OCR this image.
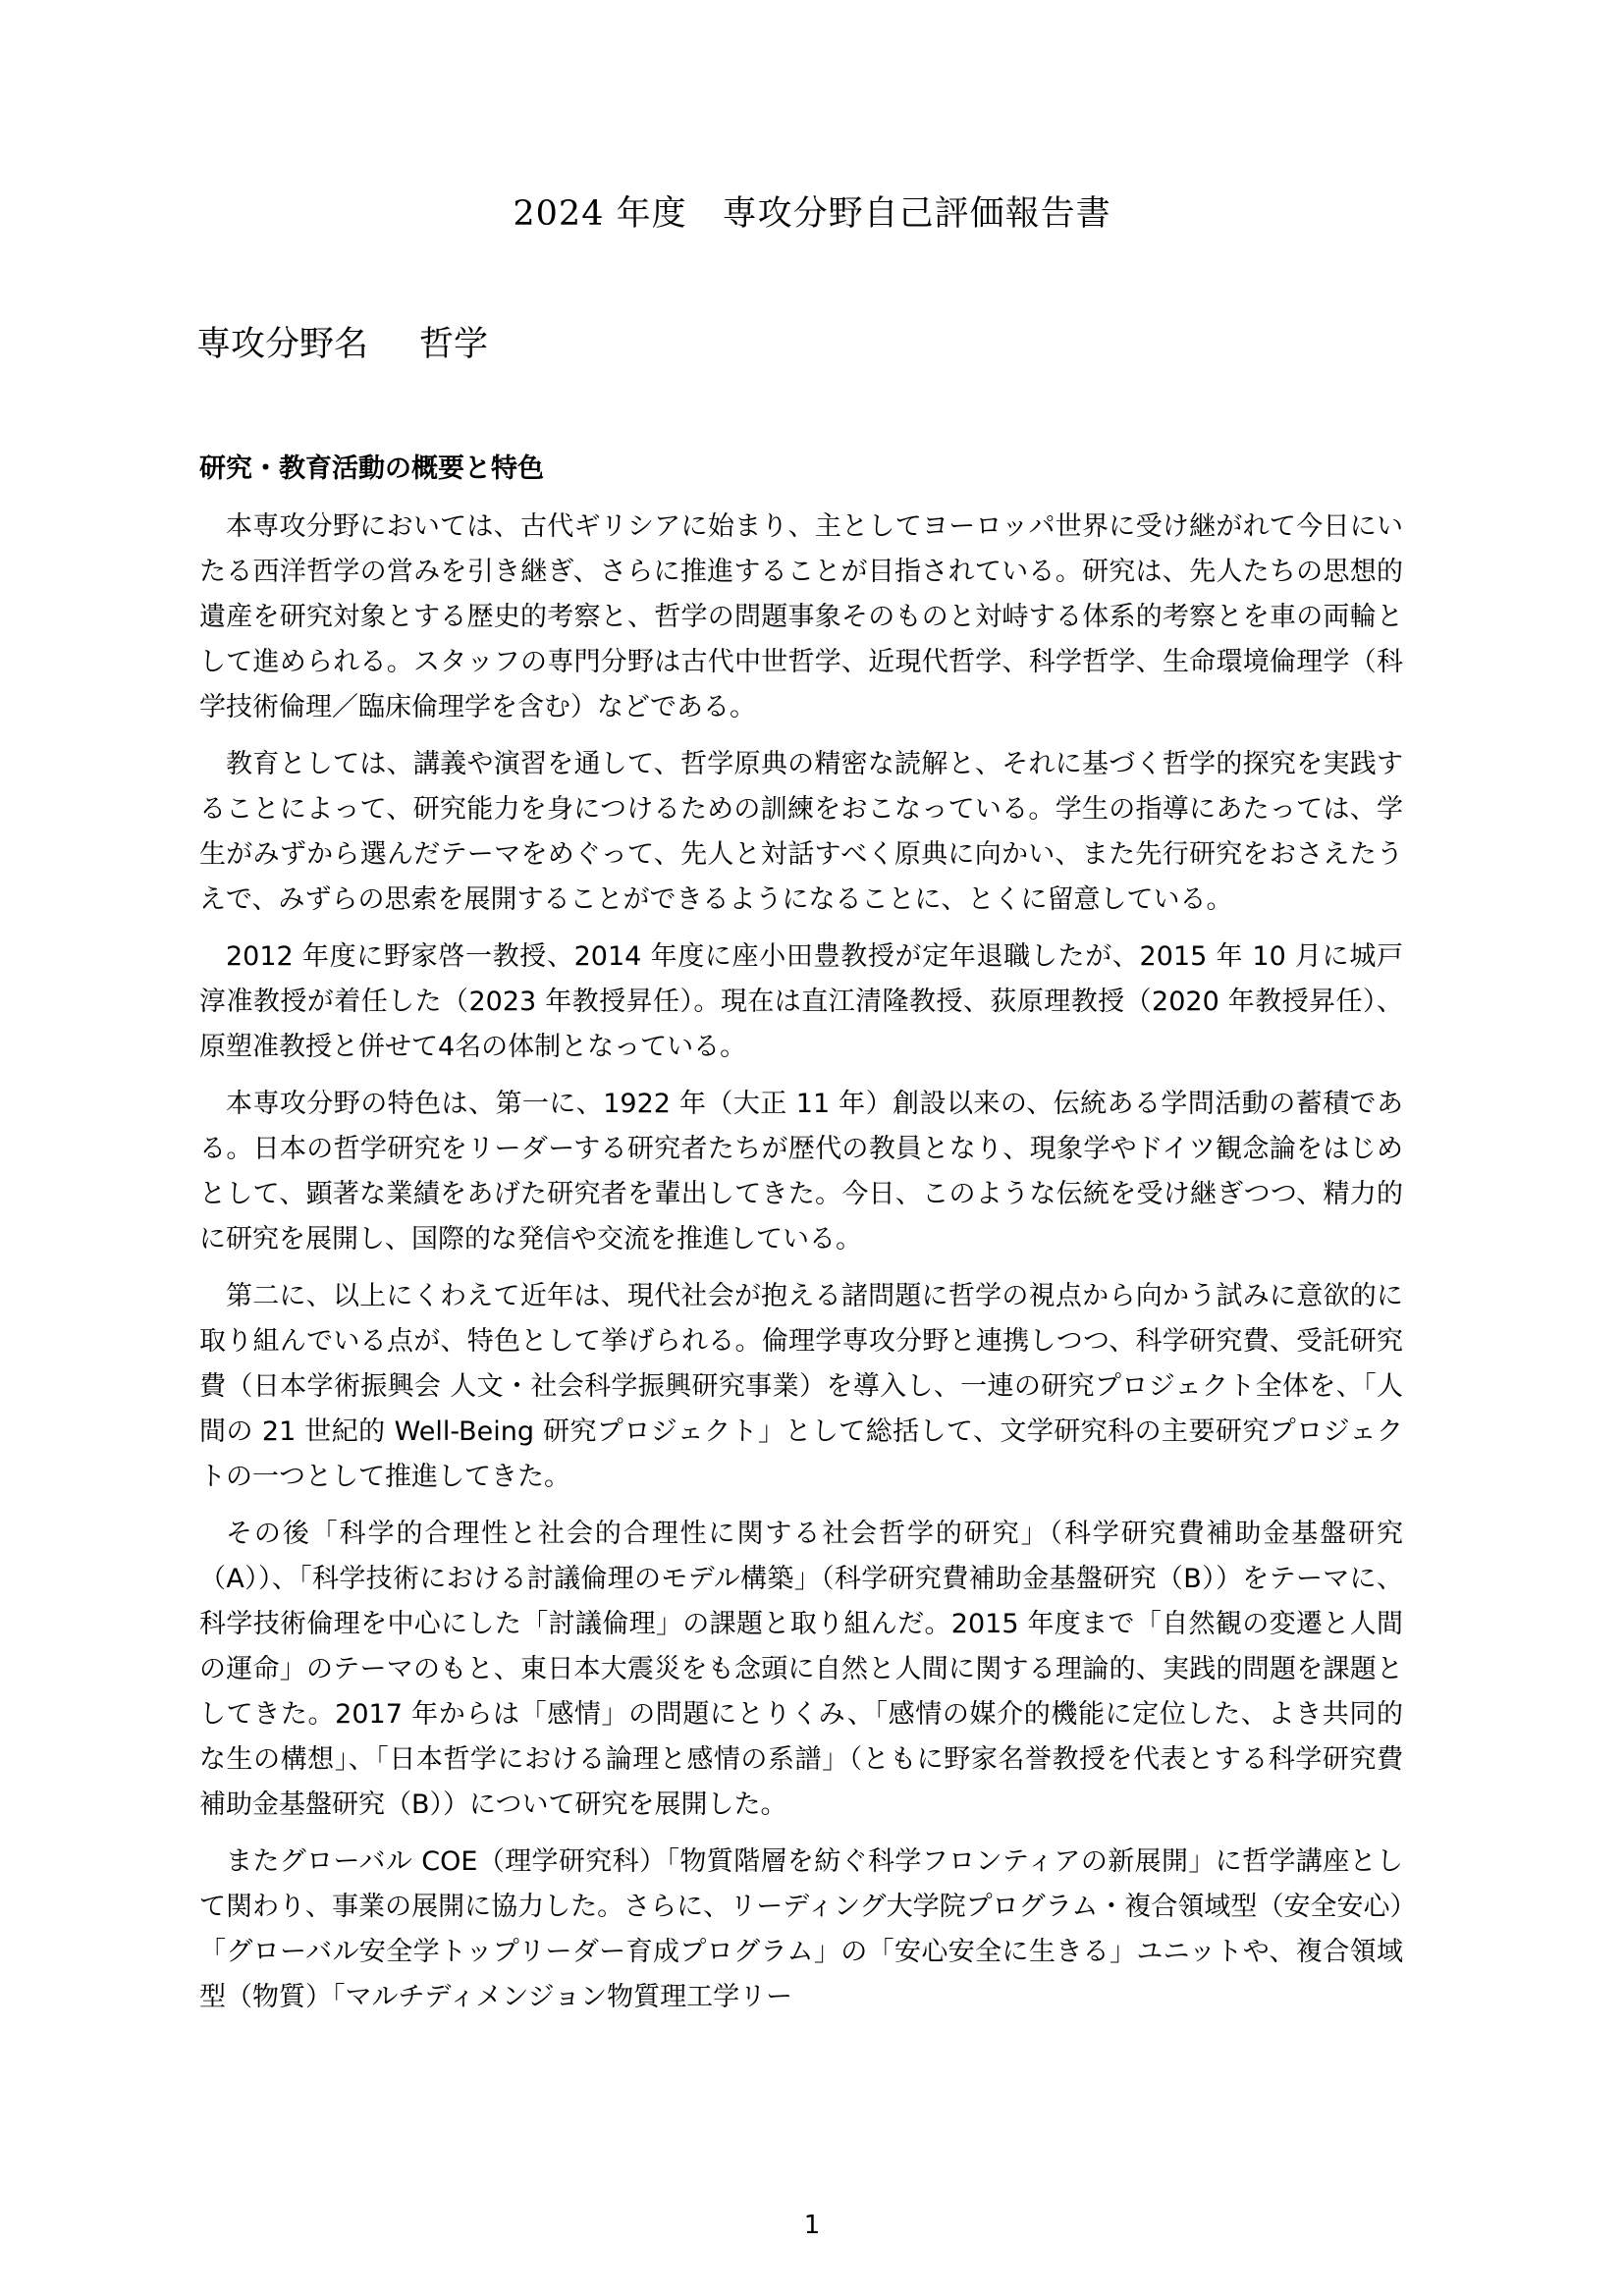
2024 年度　専攻分野自己評価報告書
専攻分野名 哲学
研究・教育活動の概要と特色

本専攻分野においては、古代ギリシアに始まり、主としてヨーロッパ世界に受け継がれて今日にいたる西洋哲学の営みを引き継ぎ、さらに推進することが目指されている。研究は、先人たちの思想的遺産を研究対象とする歴史的考察と、哲学の問題事象そのものと対峙する体系的考察とを車の両輪として進められる。スタッフの専門分野は古代中世哲学、近現代哲学、科学哲学、生命環境倫理学（科学技術倫理／臨床倫理学を含む）などである。

教育としては、講義や演習を通して、哲学原典の精密な読解と、それに基づく哲学的探究を実践することによって、研究能力を身につけるための訓練をおこなっている。学生の指導にあたっては、学生がみずから選んだテーマをめぐって、先人と対話すべく原典に向かい、また先行研究をおさえたうえで、みずらの思索を展開することができるようになることに、とくに留意している。

2012 年度に野家啓一教授、2014 年度に座小田豊教授が定年退職したが、2015 年 10 月に城戸淳准教授が着任した（2023 年教授昇任）。現在は直江清隆教授、荻原理教授（2020 年教授昇任）、原塑准教授と併せて4名の体制となっている。

本専攻分野の特色は、第一に、1922 年（大正 11 年）創設以来の、伝統ある学問活動の蓄積である。日本の哲学研究をリーダーする研究者たちが歴代の教員となり、現象学やドイツ観念論をはじめとして、顕著な業績をあげた研究者を輩出してきた。今日、このような伝統を受け継ぎつつ、精力的に研究を展開し、国際的な発信や交流を推進している。

第二に、以上にくわえて近年は、現代社会が抱える諸問題に哲学の視点から向かう試みに意欲的に取り組んでいる点が、特色として挙げられる。倫理学専攻分野と連携しつつ、科学研究費、受託研究費（日本学術振興会 人文・社会科学振興研究事業）を導入し、一連の研究プロジェクト全体を、「人間の 21 世紀的 Well-Being 研究プロジェクト」として総括して、文学研究科の主要研究プロジェクトの一つとして推進してきた。

その後「科学的合理性と社会的合理性に関する社会哲学的研究」（科学研究費補助金基盤研究（A））、「科学技術における討議倫理のモデル構築」（科学研究費補助金基盤研究（B））をテーマに、科学技術倫理を中心にした「討議倫理」の課題と取り組んだ。2015 年度まで「自然観の変遷と人間の運命」のテーマのもと、東日本大震災をも念頭に自然と人間に関する理論的、実践的問題を課題としてきた。2017 年からは「感情」の問題にとりくみ、「感情の媒介的機能に定位した、よき共同的な生の構想」、「日本哲学における論理と感情の系譜」（ともに野家名誉教授を代表とする科学研究費補助金基盤研究（B））について研究を展開した。

またグローバル COE（理学研究科）「物質階層を紡ぐ科学フロンティアの新展開」に哲学講座として関わり、事業の展開に協力した。さらに、リーディング大学院プログラム・複合領域型（安全安心）「グローバル安全学トップリーダー育成プログラム」の「安心安全に生きる」ユニットや、複合領域型（物質）「マルチディメンジョン物質理工学リー

1
